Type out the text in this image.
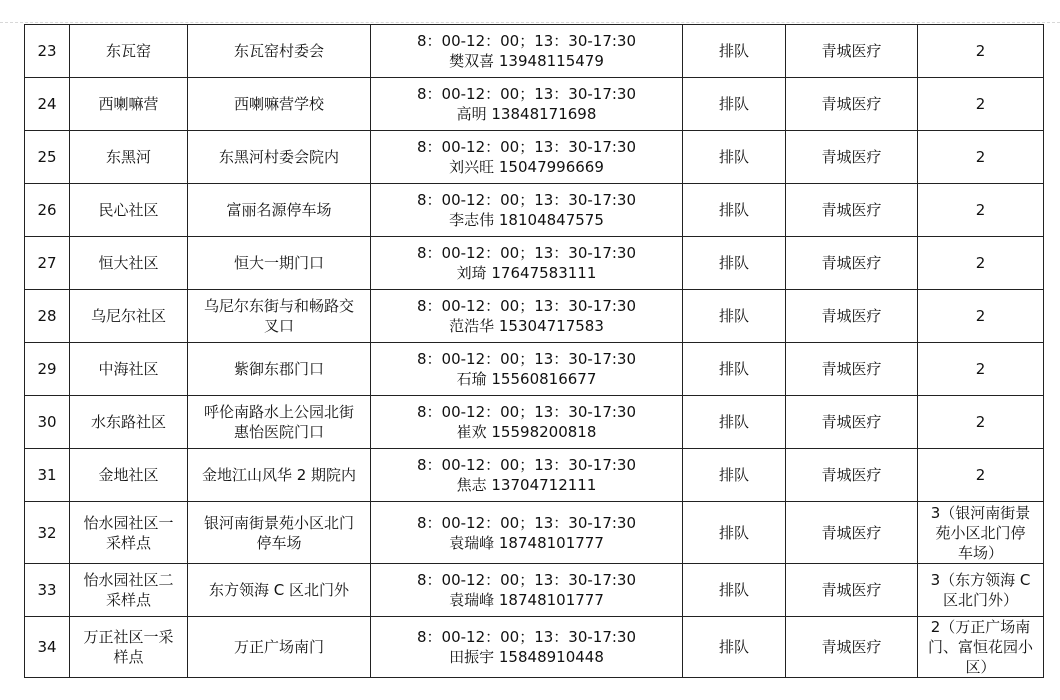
23	东瓦窑	东瓦窑村委会	8：00-12：00；13：30-17:30
樊双喜 13948115479	排队	青城医疗	2

24	西喇嘛营	西喇嘛营学校	8：00-12：00；13：30-17:30
高明 13848171698	排队	青城医疗	2

25	东黑河	东黑河村委会院内	8：00-12：00；13：30-17:30
刘兴旺 15047996669	排队	青城医疗	2

26	民心社区	富丽名源停车场	8：00-12：00；13：30-17:30
李志伟 18104847575	排队	青城医疗	2

27	恒大社区	恒大一期门口	8：00-12：00；13：30-17:30
刘琦 17647583111	排队	青城医疗	2

28	乌尼尔社区	乌尼尔东街与和畅路交
叉口	8：00-12：00；13：30-17:30
范浩华 15304717583	排队	青城医疗	2

29	中海社区	紫御东郡门口	8：00-12：00；13：30-17:30
石瑜 15560816677	排队	青城医疗	2

30	水东路社区	呼伦南路水上公园北街
惠怡医院门口	8：00-12：00；13：30-17:30
崔欢 15598200818	排队	青城医疗	2

31	金地社区	金地江山风华 2 期院内	8：00-12：00；13：30-17:30
焦志 13704712111	排队	青城医疗	2

32	怡水园社区一
采样点	银河南街景苑小区北门
停车场	8：00-12：00；13：30-17:30
袁瑞峰 18748101777	排队	青城医疗	3（银河南街景
苑小区北门停
车场）

33	怡水园社区二
采样点	东方领海 C 区北门外	8：00-12：00；13：30-17:30
袁瑞峰 18748101777	排队	青城医疗	3（东方领海 C
区北门外）

34	万正社区一采
样点	万正广场南门	8：00-12：00；13：30-17:30
田振宇 15848910448	排队	青城医疗	2（万正广场南
门、富恒花园小
区）
